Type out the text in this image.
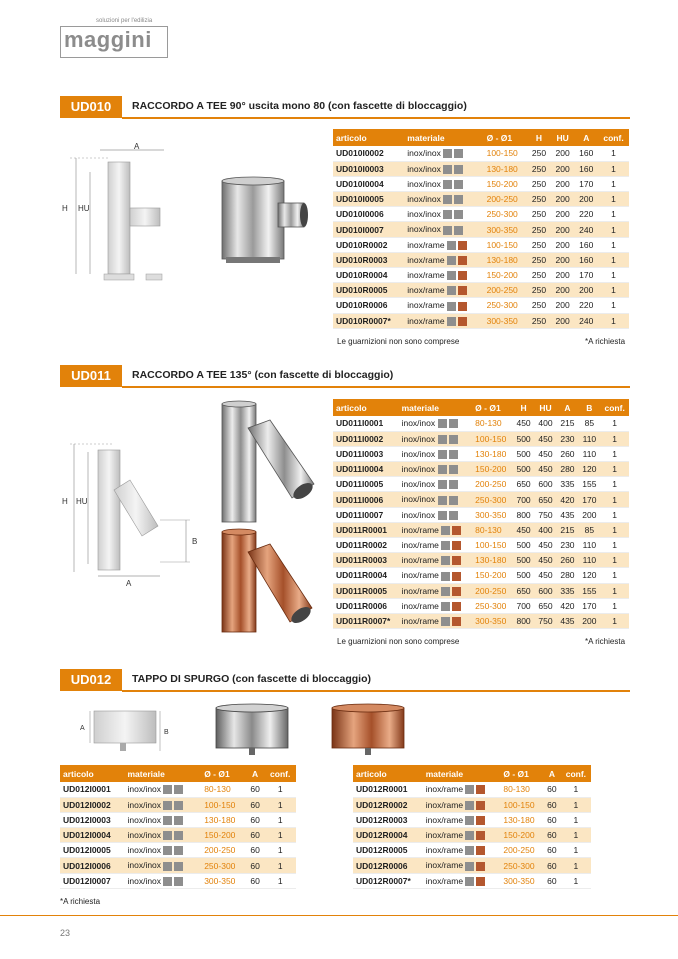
soluzioni per l'edilizia
maggini
UD010	RACCORDO A TEE 90° uscita mono 80 (con fascette di bloccaggio)
A
H HU
articolo	materiale	Ø - Ø1	H	HU	A	conf.
UD010I0002	inox/inox	100-150	250	200	160	1
UD010I0003	inox/inox	130-180	250	200	160	1
UD010I0004	inox/inox	150-200	250	200	170	1
UD010I0005	inox/inox	200-250	250	200	200	1
UD010I0006	inox/inox	250-300	250	200	220	1
UD010I0007	inox/inox	300-350	250	200	240	1
UD010R0002	inox/rame	100-150	250	200	160	1
UD010R0003	inox/rame	130-180	250	200	160	1
UD010R0004	inox/rame	150-200	250	200	170	1
UD010R0005	inox/rame	200-250	250	200	200	1
UD010R0006	inox/rame	250-300	250	200	220	1
UD010R0007*	inox/rame	300-350	250	200	240	1
Le guarnizioni non sono comprese	*A richiesta
UD011	RACCORDO A TEE 135° (con fascette di bloccaggio)
B
A
H HU
articolo	materiale	Ø - Ø1	H	HU	A	B	conf.
UD011I0001	inox/inox	80-130	450	400	215	85	1
UD011I0002	inox/inox	100-150	500	450	230	110	1
UD011I0003	inox/inox	130-180	500	450	260	110	1
UD011I0004	inox/inox	150-200	500	450	280	120	1
UD011I0005	inox/inox	200-250	650	600	335	155	1
UD011I0006	inox/inox	250-300	700	650	420	170	1
UD011I0007	inox/inox	300-350	800	750	435	200	1
UD011R0001	inox/rame	80-130	450	400	215	85	1
UD011R0002	inox/rame	100-150	500	450	230	110	1
UD011R0003	inox/rame	130-180	500	450	260	110	1
UD011R0004	inox/rame	150-200	500	450	280	120	1
UD011R0005	inox/rame	200-250	650	600	335	155	1
UD011R0006	inox/rame	250-300	700	650	420	170	1
UD011R0007*	inox/rame	300-350	800	750	435	200	1
Le guarnizioni non sono comprese	*A richiesta
UD012	TAPPO DI SPURGO (con fascette di bloccaggio)
A
B
articolo	materiale	Ø - Ø1	A	conf.
UD012I0001	inox/inox	80-130	60	1
UD012I0002	inox/inox	100-150	60	1
UD012I0003	inox/inox	130-180	60	1
UD012I0004	inox/inox	150-200	60	1
UD012I0005	inox/inox	200-250	60	1
UD012I0006	inox/inox	250-300	60	1
UD012I0007	inox/inox	300-350	60	1
articolo	materiale	Ø - Ø1	A	conf.
UD012R0001	inox/rame	80-130	60	1
UD012R0002	inox/rame	100-150	60	1
UD012R0003	inox/rame	130-180	60	1
UD012R0004	inox/rame	150-200	60	1
UD012R0005	inox/rame	200-250	60	1
UD012R0006	inox/rame	250-300	60	1
UD012R0007*	inox/rame	300-350	60	1
*A richiesta
23
